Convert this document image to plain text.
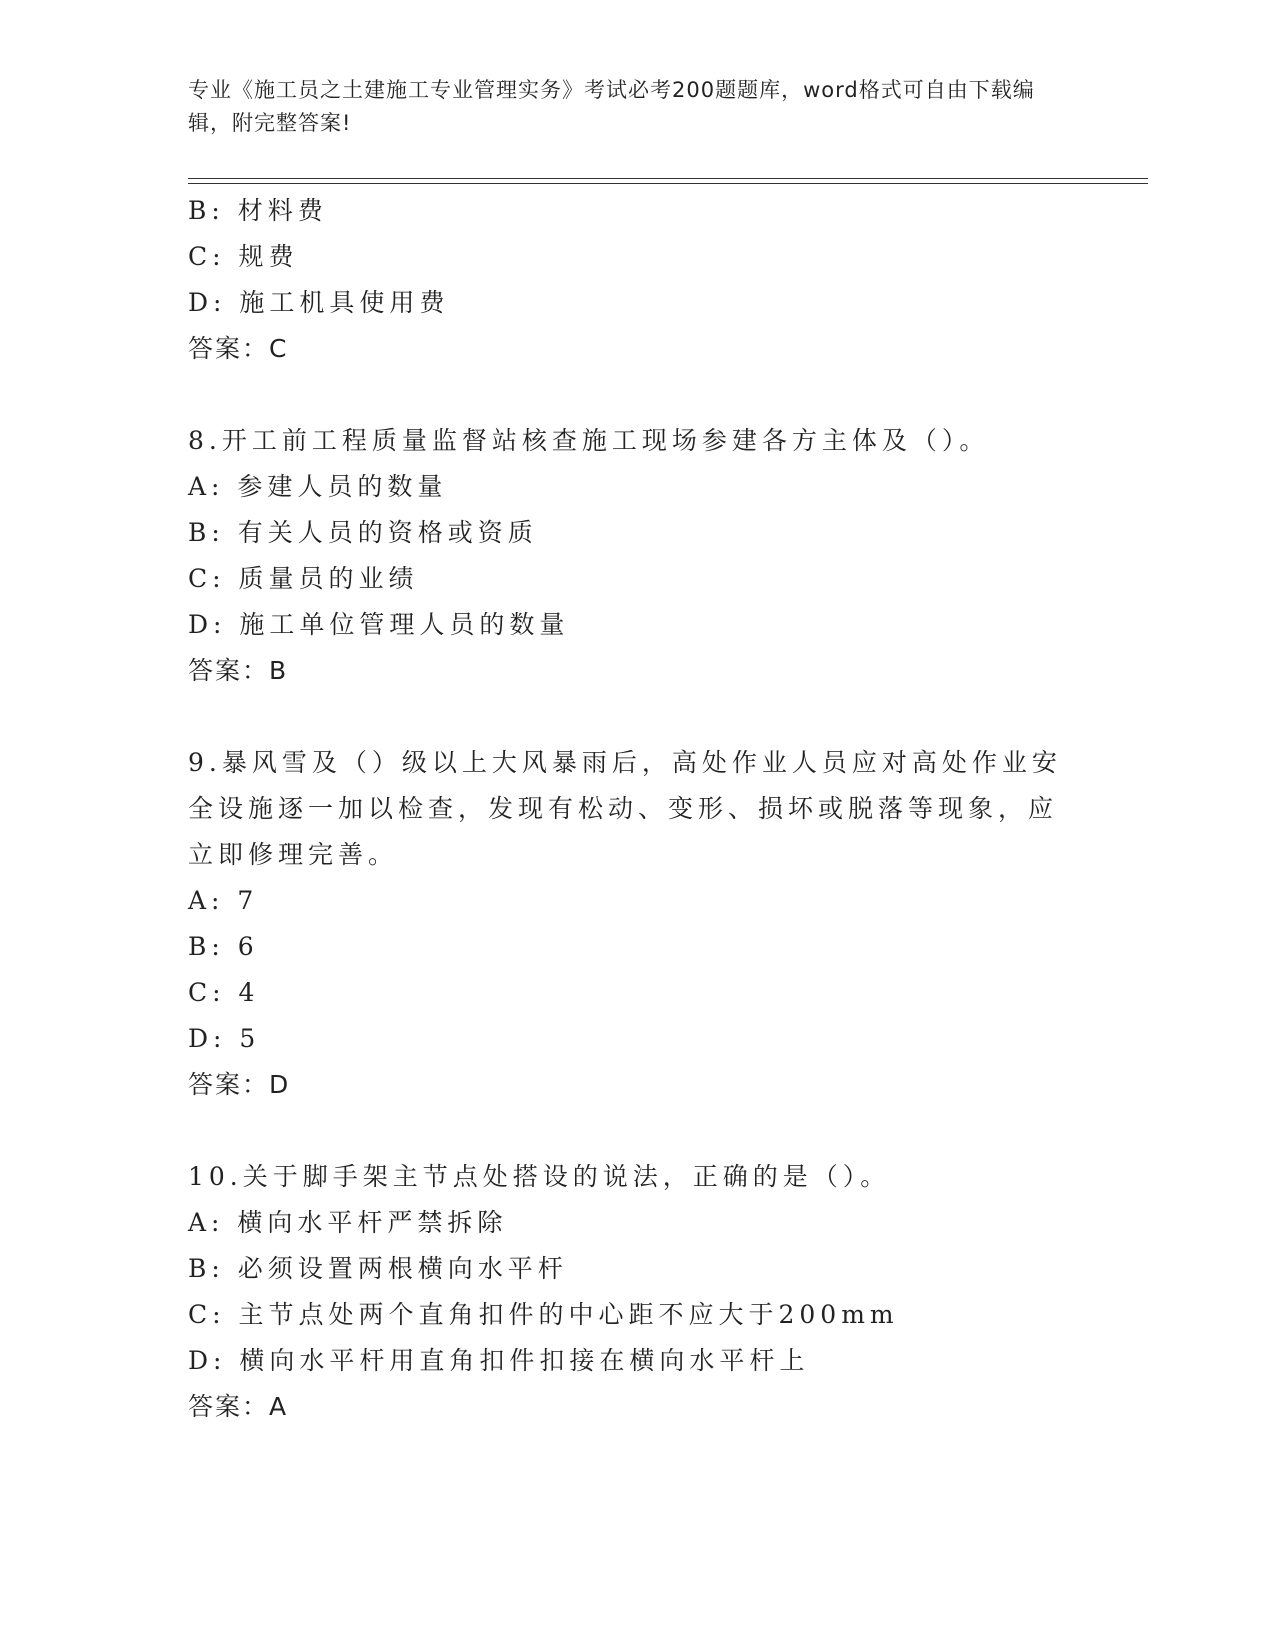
专业《施工员之土建施工专业管理实务》考试必考200题题库，word格式可自由下载编辑，附完整答案!
B: 材料费
C: 规费
D: 施工机具使用费
答案：C
8.开工前工程质量监督站核查施工现场参建各方主体及（）。
A: 参建人员的数量
B: 有关人员的资格或资质
C: 质量员的业绩
D: 施工单位管理人员的数量
答案：B
9.暴风雪及（）级以上大风暴雨后，高处作业人员应对高处作业安全设施逐一加以检查，发现有松动、变形、损坏或脱落等现象，应立即修理完善。
A: 7
B: 6
C: 4
D: 5
答案：D
10.关于脚手架主节点处搭设的说法，正确的是（）。
A: 横向水平杆严禁拆除
B: 必须设置两根横向水平杆
C: 主节点处两个直角扣件的中心距不应大于200mm
D: 横向水平杆用直角扣件扣接在横向水平杆上
答案：A
